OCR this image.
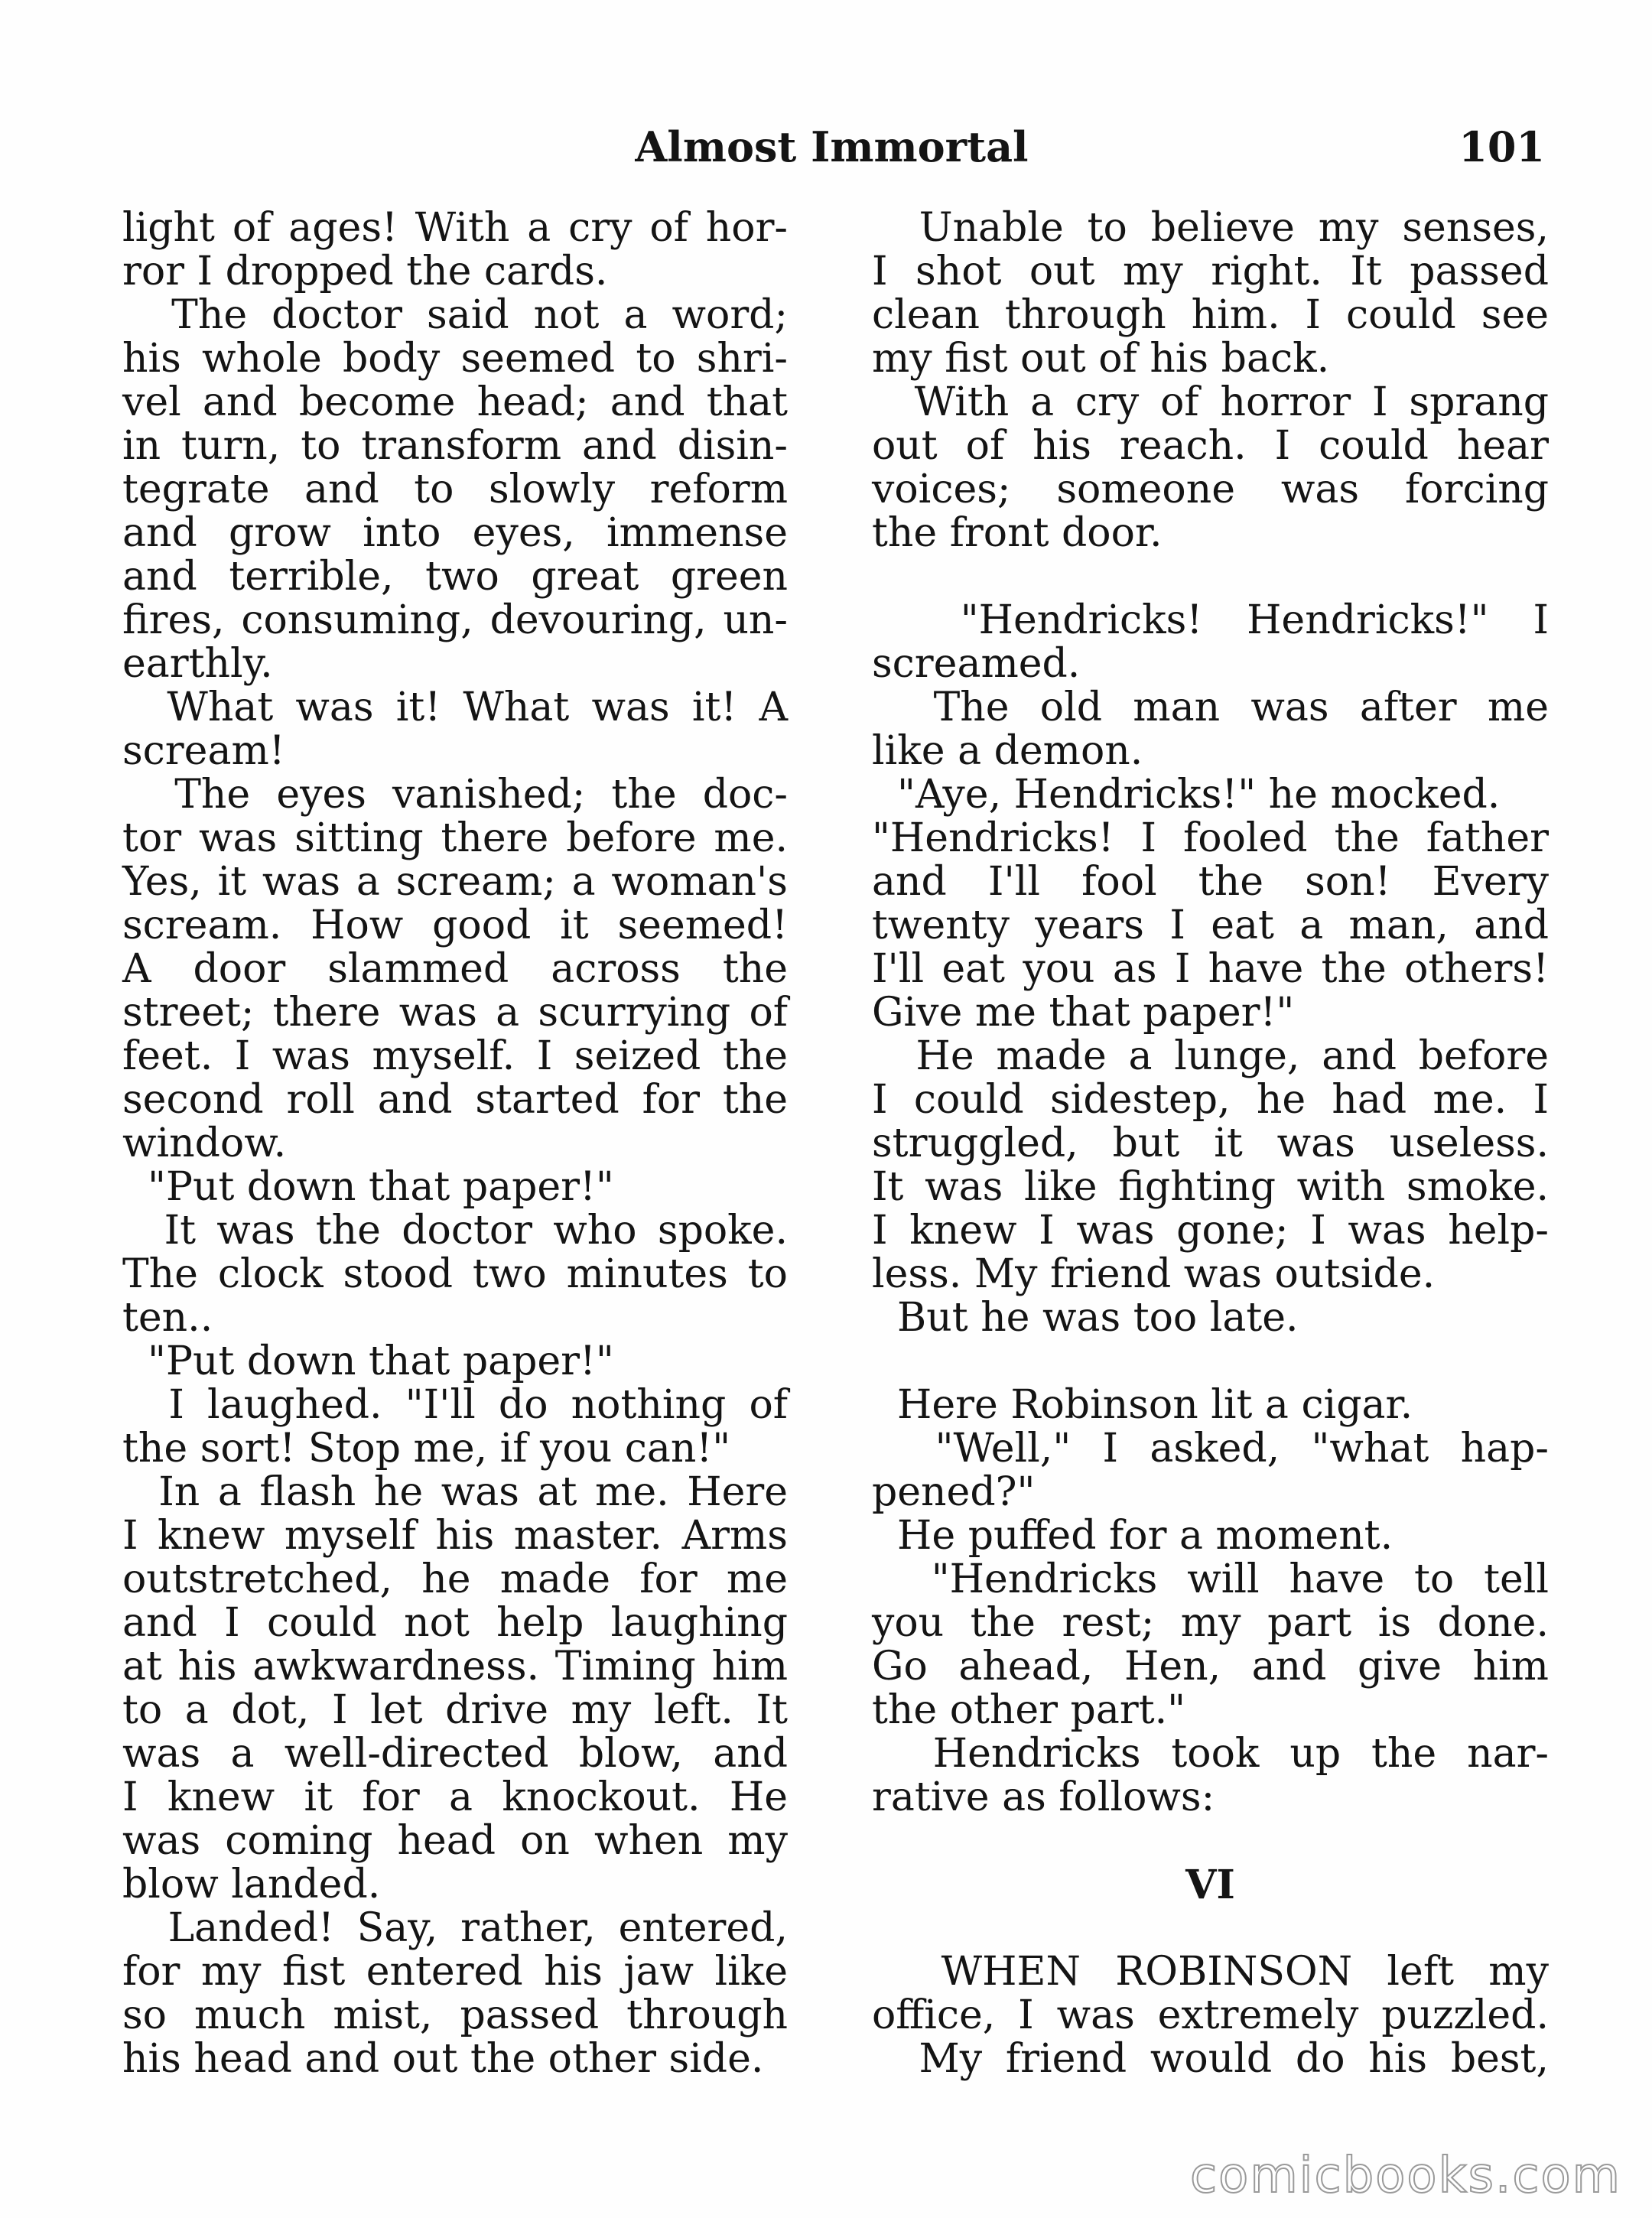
Almost Immortal	101
light of ages! With a cry of hor-
ror I dropped the cards.
The doctor said not a word;
his whole body seemed to shri-
vel and become head; and that
in turn, to transform and disin-
tegrate and to slowly reform
and grow into eyes, immense
and terrible, two great green
fires, consuming, devouring, un-
earthly.
What was it! What was it! A
scream!
The eyes vanished; the doc-
tor was sitting there before me.
Yes, it was a scream; a woman's
scream. How good it seemed!
A door slammed across the
street; there was a scurrying of
feet. I was myself. I seized the
second roll and started for the
window.
"Put down that paper!"
It was the doctor who spoke.
The clock stood two minutes to
ten..
"Put down that paper!"
I laughed. "I'll do nothing of
the sort! Stop me, if you can!"
In a flash he was at me. Here
I knew myself his master. Arms
outstretched, he made for me
and I could not help laughing
at his awkwardness. Timing him
to a dot, I let drive my left. It
was a well-directed blow, and
I knew it for a knockout. He
was coming head on when my
blow landed.
Landed! Say, rather, entered,
for my fist entered his jaw like
so much mist, passed through
his head and out the other side.
Unable to believe my senses,
I shot out my right. It passed
clean through him. I could see
my fist out of his back.
With a cry of horror I sprang
out of his reach. I could hear
voices; someone was forcing
the front door.
"Hendricks! Hendricks!" I
screamed.
The old man was after me
like a demon.
"Aye, Hendricks!" he mocked.
"Hendricks! I fooled the father
and I'll fool the son! Every
twenty years I eat a man, and
I'll eat you as I have the others!
Give me that paper!"
He made a lunge, and before
I could sidestep, he had me. I
struggled, but it was useless.
It was like fighting with smoke.
I knew I was gone; I was help-
less. My friend was outside.
But he was too late.
Here Robinson lit a cigar.
"Well," I asked, "what hap-
pened?"
He puffed for a moment.
"Hendricks will have to tell
you the rest; my part is done.
Go ahead, Hen, and give him
the other part."
Hendricks took up the nar-
rative as follows:
VI
WHEN ROBINSON left my
office, I was extremely puzzled.
My friend would do his best,
comicbooks.com
